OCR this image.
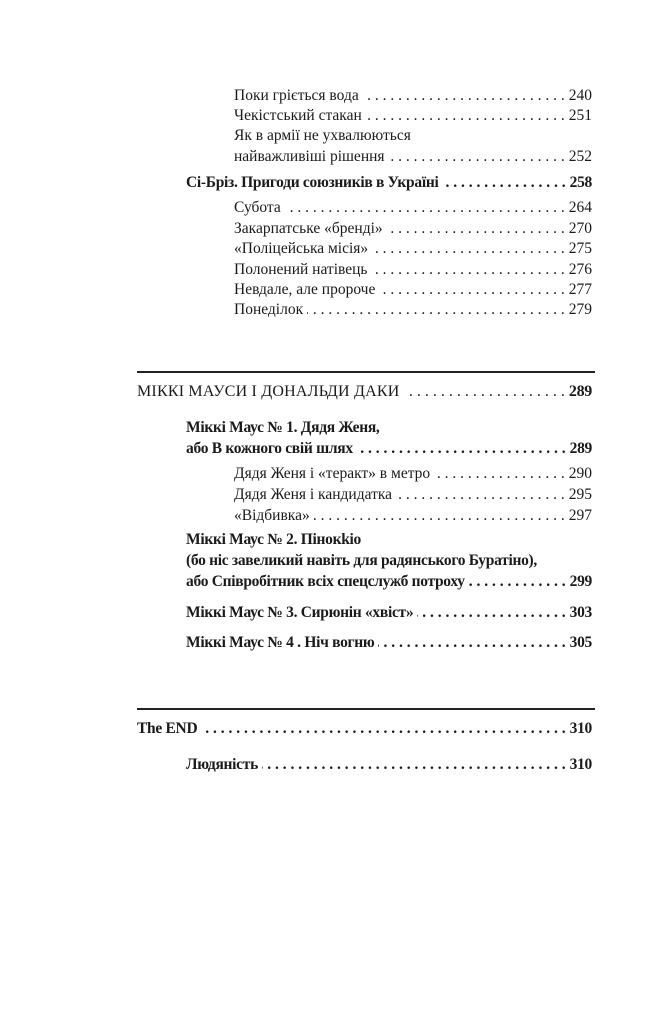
Поки гріється вода . . .	240
Чекістський стакан . . .	251
Як в армії не ухвалюються
найважливіші рішення . . .	252
Сі-Бріз. Пригоди союзників в Україні . . .	258
Субота . . .	264
Закарпатське «бренді» . . .	270
«Поліцейська місія» . . .	275
Полонений натівець . . .	276
Невдале, але пророче . . .	277
Понеділок . . .	279
МІККІ МАУСИ І ДОНАЛЬДИ ДАКИ . . .	289
Міккі Маус № 1. Дядя Женя,
або В кожного свій шлях . . .	289
Дядя Женя і «теракт» в метро . . .	290
Дядя Женя і кандидатка . . .	295
«Відбивка» . . .	297
Міккі Маус № 2. Пінокkio
(бо ніс завеликий навіть для радянського Буратіно),
або Співробітник всіх спецслужб потроху . . .	299
Міккі Маус № 3. Сирюнін «хвіст» . . .	303
Міккі Маус № 4 . Ніч вогню . . .	305
The END . . .	310
Людяність . . .	310
